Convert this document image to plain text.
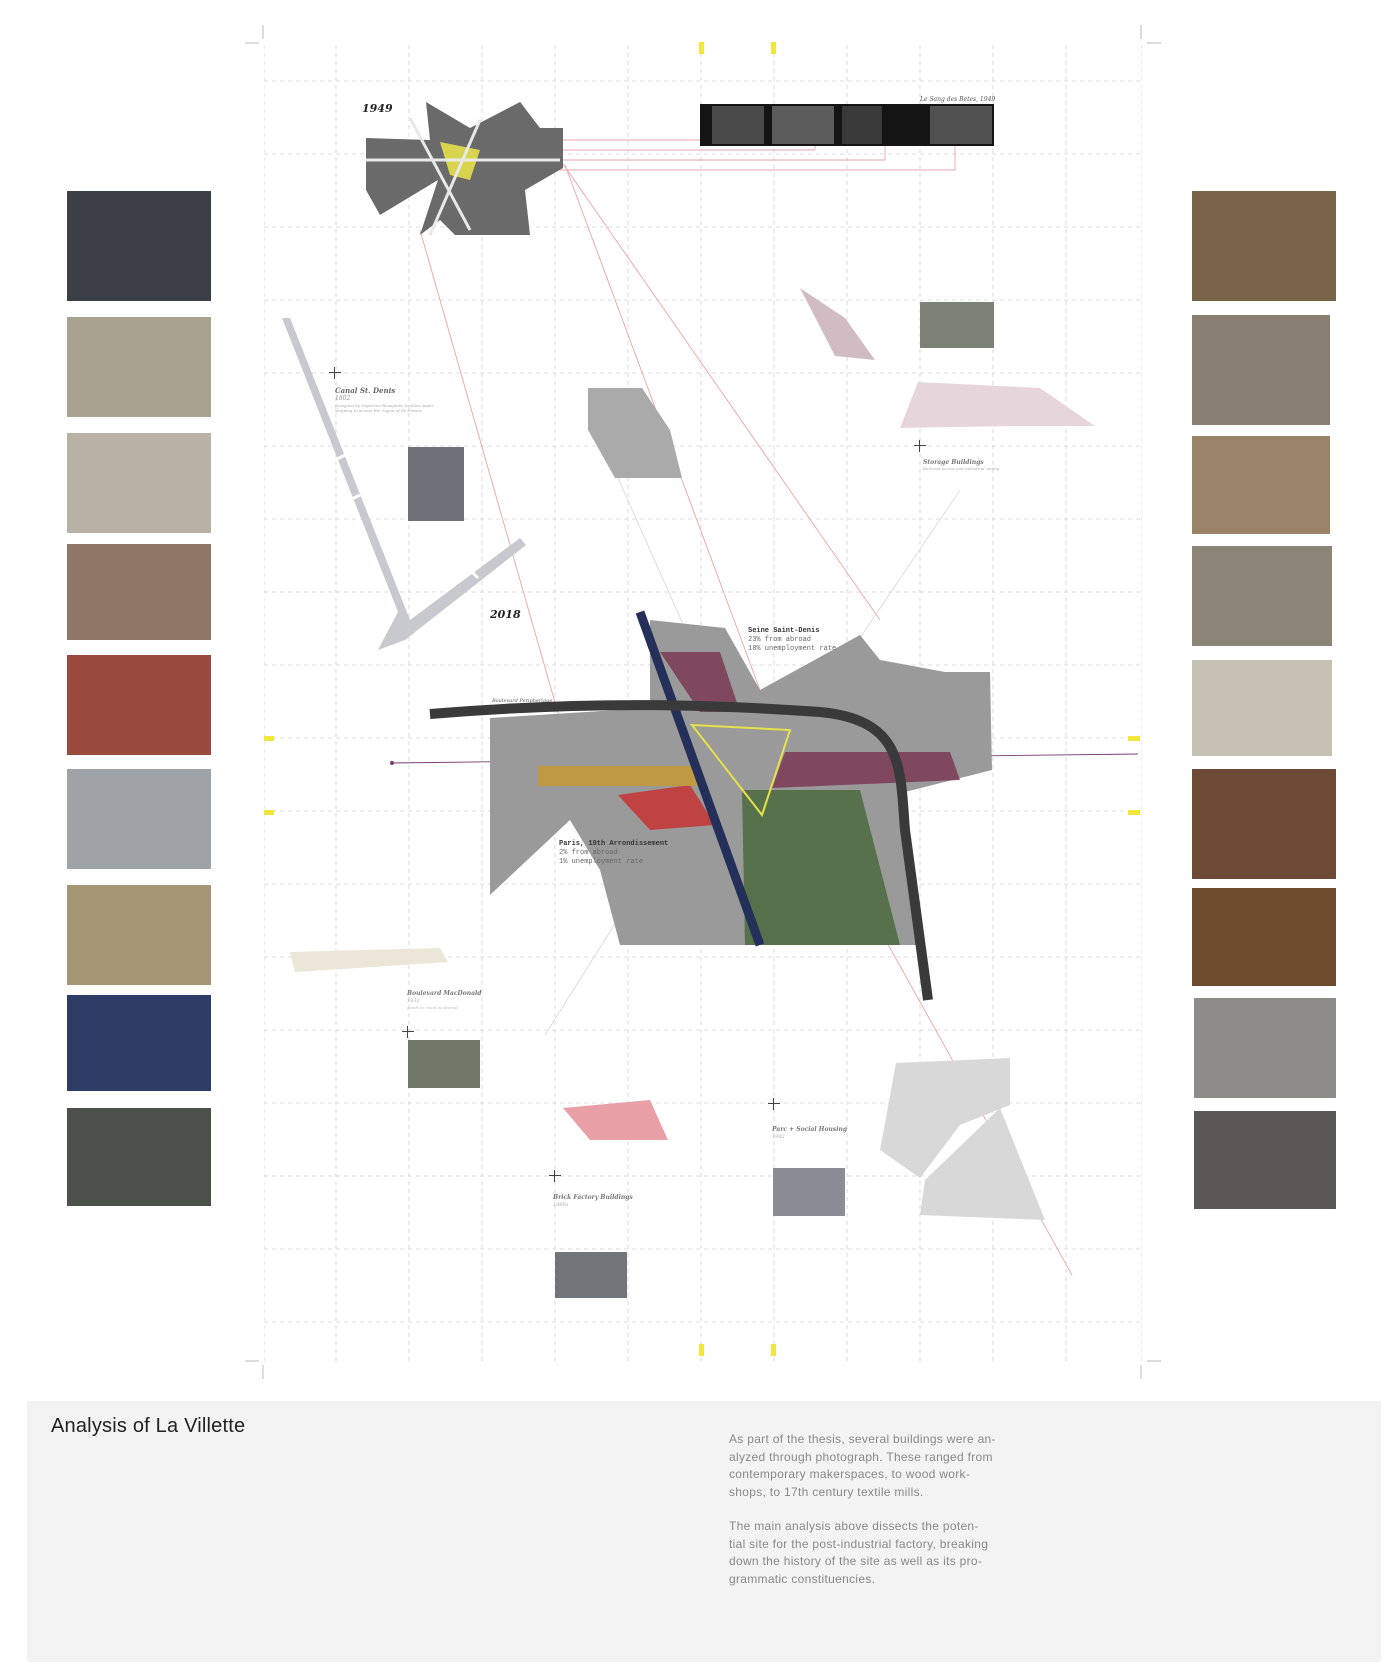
1949
2018
Le Sang des Betes, 1949
Canal St. Denis
1802
Designed by Napoleon Bonaparte to allow water shipping to access the region of Ile-France
Storage Buildings
Railroad access and industrial zoning
Seine Saint-Denis
23% from abroad
18% unemployment rate
Boulevard Peripherique
Paris, 19th Arrondissement
2% from abroad
1% unemployment rate
Boulevard MacDonald
1932
goods to retail incidental
Parc + Social Housing
1982
Brick Factory Buildings
1860s
Analysis of La Villette

As part of the thesis, several buildings were an-
alyzed through photograph. These ranged from
contemporary makerspaces, to wood work-
shops, to 17th century textile mills.

The main analysis above dissects the poten-
tial site for the post-industrial factory, breaking
down the history of the site as well as its pro-
grammatic constituencies.
